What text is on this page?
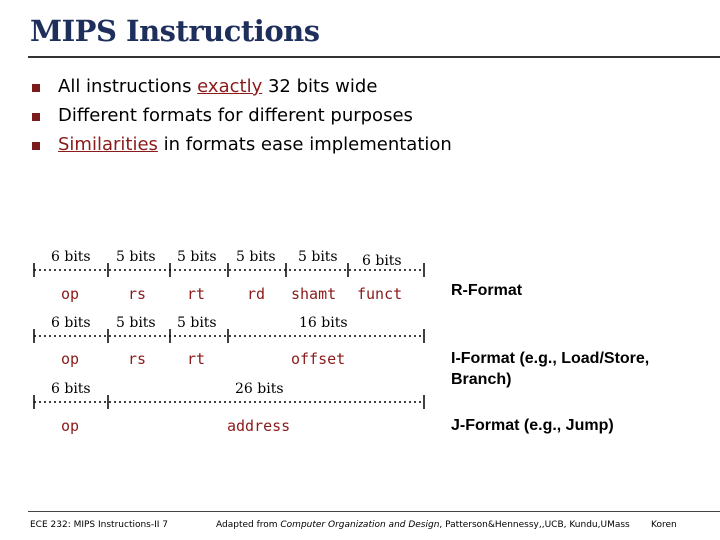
MIPS Instructions
All instructions exactly 32 bits wide
Different formats for different purposes
Similarities in formats ease implementation
6 bits 5 bits 5 bits 5 bits 5 bits 6 bits
op	rs	rt	rd shamt funct	R-Format
6 bits 5 bits 5 bits	16 bits
op	rs	rt	offset	I-Format (e.g., Load/Store, Branch)
6 bits	26 bits
op	address	J-Format (e.g., Jump)
ECE 232: MIPS Instructions-II 7	Adapted from Computer Organization and Design, Patterson&Hennessy,,UCB, Kundu,UMass Koren
